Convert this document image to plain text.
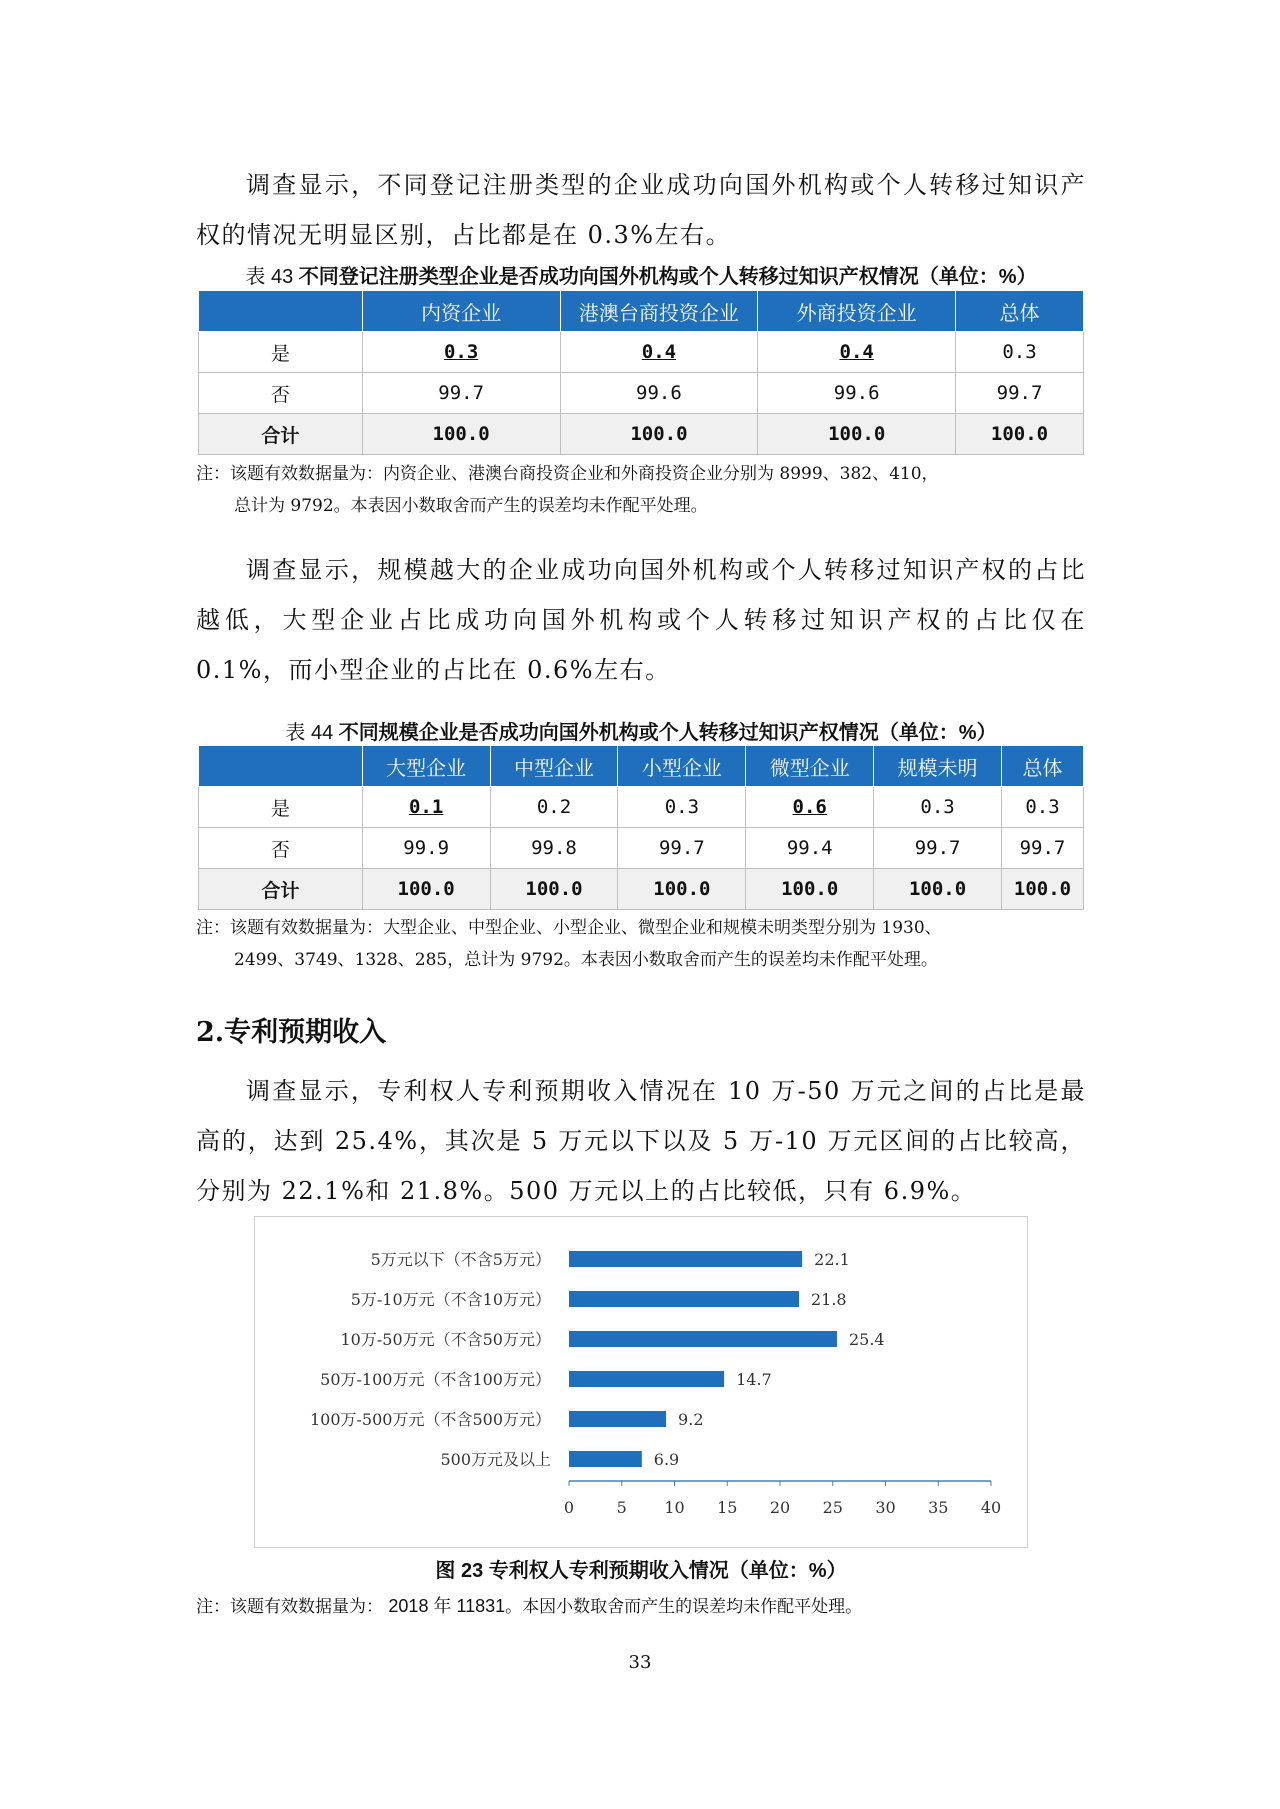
调查显示，不同登记注册类型的企业成功向国外机构或个人转移过知识产权的情况无明显区别，占比都是在 0.3%左右。

表 43 不同登记注册类型企业是否成功向国外机构或个人转移过知识产权情况（单位：%）

	内资企业	港澳台商投资企业	外商投资企业	总体
是	0.3	0.4	0.4	0.3
否	99.7	99.6	99.6	99.7
合计	100.0	100.0	100.0	100.0

注：该题有效数据量为：内资企业、港澳台商投资企业和外商投资企业分别为 8999、382、410，
总计为 9792。本表因小数取舍而产生的误差均未作配平处理。

调查显示，规模越大的企业成功向国外机构或个人转移过知识产权的占比越低，大型企业占比成功向国外机构或个人转移过知识产权的占比仅在 0.1%，而小型企业的占比在 0.6%左右。

表 44 不同规模企业是否成功向国外机构或个人转移过知识产权情况（单位：%）

	大型企业	中型企业	小型企业	微型企业	规模未明	总体
是	0.1	0.2	0.3	0.6	0.3	0.3
否	99.9	99.8	99.7	99.4	99.7	99.7
合计	100.0	100.0	100.0	100.0	100.0	100.0

注：该题有效数据量为：大型企业、中型企业、小型企业、微型企业和规模未明类型分别为 1930、
2499、3749、1328、285，总计为 9792。本表因小数取舍而产生的误差均未作配平处理。

2.专利预期收入

调查显示，专利权人专利预期收入情况在 10 万-50 万元之间的占比是最高的，达到 25.4%，其次是 5 万元以下以及 5 万-10 万元区间的占比较高，分别为 22.1%和 21.8%。500 万元以上的占比较低，只有 6.9%。

5万元以下（不含5万元）	22.1
5万-10万元（不含10万元）	21.8
10万-50万元（不含50万元）	25.4
50万-100万元（不含100万元）	14.7
100万-500万元（不含500万元）	9.2
500万元及以上	6.9
0	5 10 15 20 25 30 35 40

图 23 专利权人专利预期收入情况（单位：%）

注：该题有效数据量为： 2018 年 11831。本因小数取舍而产生的误差均未作配平处理。

33
